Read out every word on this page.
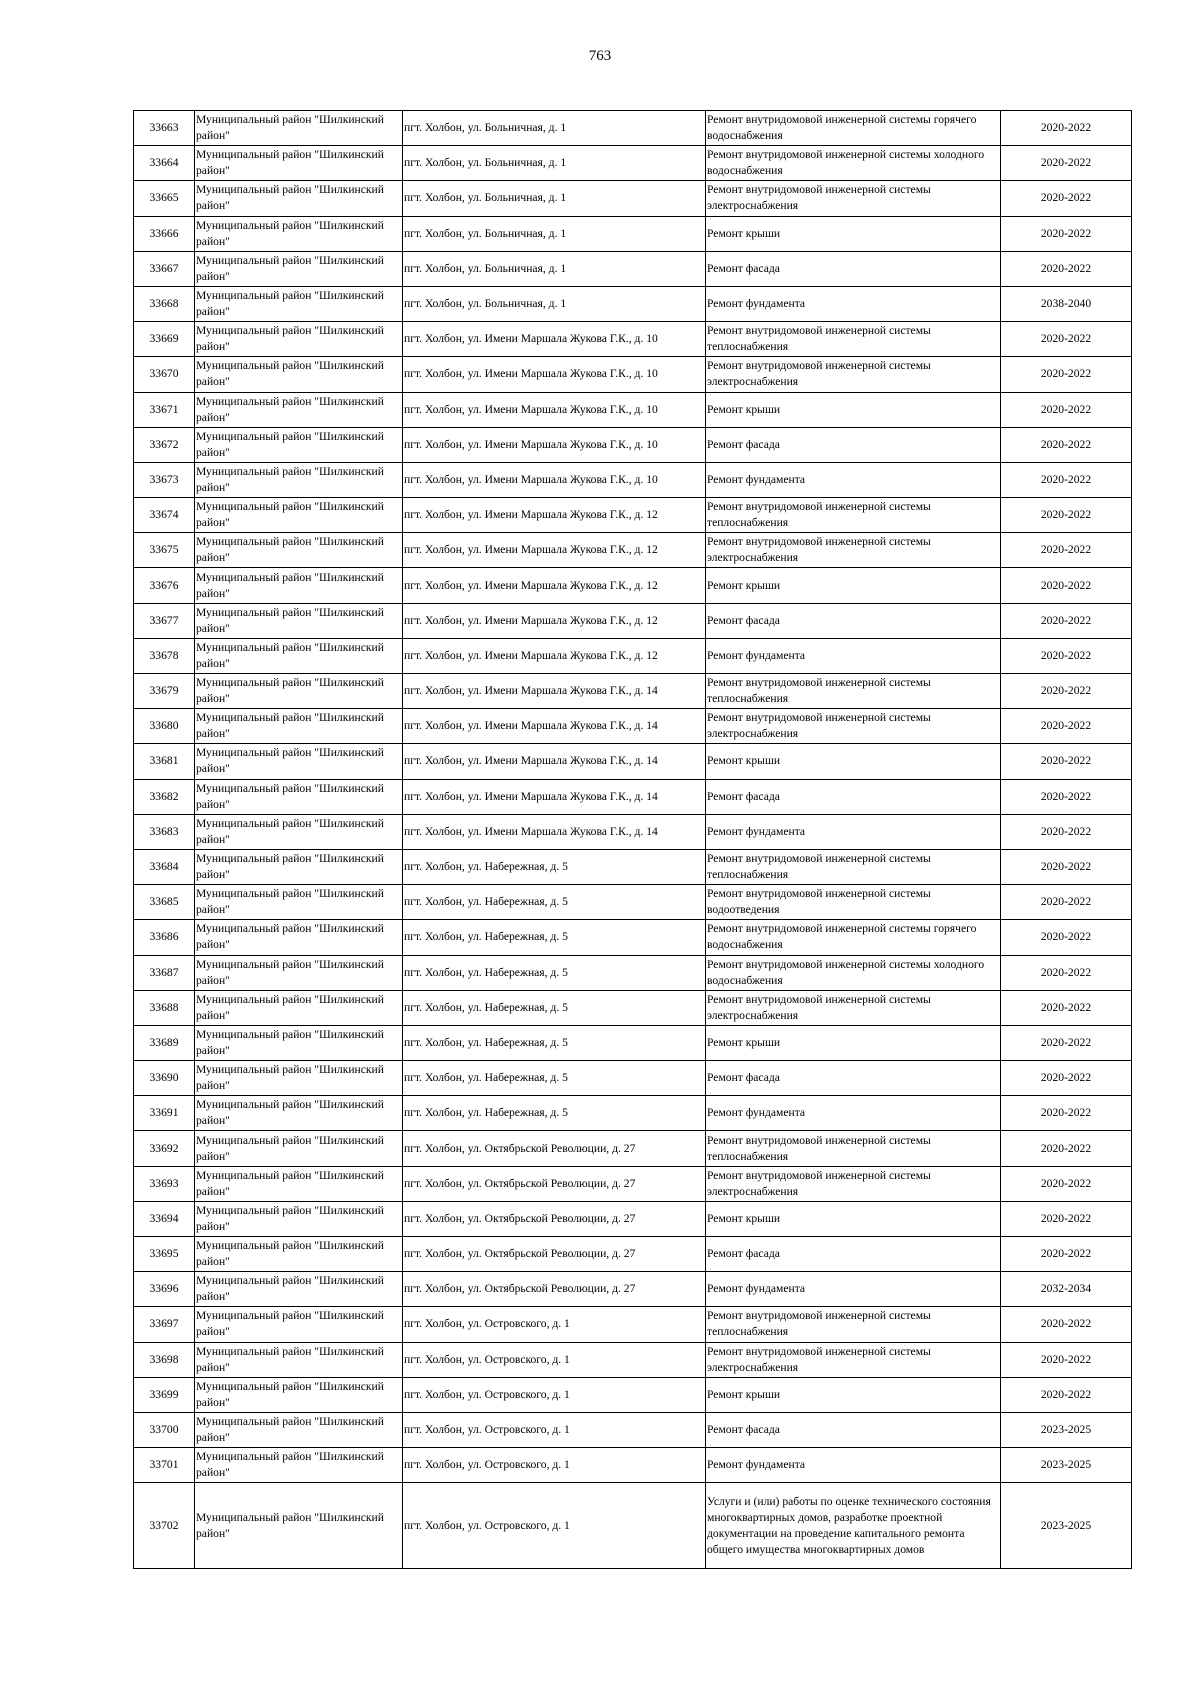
763
33663	Муниципальный район "Шилкинский район"	пгт. Холбон, ул. Больничная, д. 1	Ремонт внутридомовой инженерной системы горячего водоснабжения	2020-2022
33664	Муниципальный район "Шилкинский район"	пгт. Холбон, ул. Больничная, д. 1	Ремонт внутридомовой инженерной системы холодного водоснабжения	2020-2022
33665	Муниципальный район "Шилкинский район"	пгт. Холбон, ул. Больничная, д. 1	Ремонт внутридомовой инженерной системы электроснабжения	2020-2022
33666	Муниципальный район "Шилкинский район"	пгт. Холбон, ул. Больничная, д. 1	Ремонт крыши	2020-2022
33667	Муниципальный район "Шилкинский район"	пгт. Холбон, ул. Больничная, д. 1	Ремонт фасада	2020-2022
33668	Муниципальный район "Шилкинский район"	пгт. Холбон, ул. Больничная, д. 1	Ремонт фундамента	2038-2040
33669	Муниципальный район "Шилкинский район"	пгт. Холбон, ул. Имени Маршала Жукова Г.К., д. 10	Ремонт внутридомовой инженерной системы теплоснабжения	2020-2022
33670	Муниципальный район "Шилкинский район"	пгт. Холбон, ул. Имени Маршала Жукова Г.К., д. 10	Ремонт внутридомовой инженерной системы электроснабжения	2020-2022
33671	Муниципальный район "Шилкинский район"	пгт. Холбон, ул. Имени Маршала Жукова Г.К., д. 10	Ремонт крыши	2020-2022
33672	Муниципальный район "Шилкинский район"	пгт. Холбон, ул. Имени Маршала Жукова Г.К., д. 10	Ремонт фасада	2020-2022
33673	Муниципальный район "Шилкинский район"	пгт. Холбон, ул. Имени Маршала Жукова Г.К., д. 10	Ремонт фундамента	2020-2022
33674	Муниципальный район "Шилкинский район"	пгт. Холбон, ул. Имени Маршала Жукова Г.К., д. 12	Ремонт внутридомовой инженерной системы теплоснабжения	2020-2022
33675	Муниципальный район "Шилкинский район"	пгт. Холбон, ул. Имени Маршала Жукова Г.К., д. 12	Ремонт внутридомовой инженерной системы электроснабжения	2020-2022
33676	Муниципальный район "Шилкинский район"	пгт. Холбон, ул. Имени Маршала Жукова Г.К., д. 12	Ремонт крыши	2020-2022
33677	Муниципальный район "Шилкинский район"	пгт. Холбон, ул. Имени Маршала Жукова Г.К., д. 12	Ремонт фасада	2020-2022
33678	Муниципальный район "Шилкинский район"	пгт. Холбон, ул. Имени Маршала Жукова Г.К., д. 12	Ремонт фундамента	2020-2022
33679	Муниципальный район "Шилкинский район"	пгт. Холбон, ул. Имени Маршала Жукова Г.К., д. 14	Ремонт внутридомовой инженерной системы теплоснабжения	2020-2022
33680	Муниципальный район "Шилкинский район"	пгт. Холбон, ул. Имени Маршала Жукова Г.К., д. 14	Ремонт внутридомовой инженерной системы электроснабжения	2020-2022
33681	Муниципальный район "Шилкинский район"	пгт. Холбон, ул. Имени Маршала Жукова Г.К., д. 14	Ремонт крыши	2020-2022
33682	Муниципальный район "Шилкинский район"	пгт. Холбон, ул. Имени Маршала Жукова Г.К., д. 14	Ремонт фасада	2020-2022
33683	Муниципальный район "Шилкинский район"	пгт. Холбон, ул. Имени Маршала Жукова Г.К., д. 14	Ремонт фундамента	2020-2022
33684	Муниципальный район "Шилкинский район"	пгт. Холбон, ул. Набережная, д. 5	Ремонт внутридомовой инженерной системы теплоснабжения	2020-2022
33685	Муниципальный район "Шилкинский район"	пгт. Холбон, ул. Набережная, д. 5	Ремонт внутридомовой инженерной системы водоотведения	2020-2022
33686	Муниципальный район "Шилкинский район"	пгт. Холбон, ул. Набережная, д. 5	Ремонт внутридомовой инженерной системы горячего водоснабжения	2020-2022
33687	Муниципальный район "Шилкинский район"	пгт. Холбон, ул. Набережная, д. 5	Ремонт внутридомовой инженерной системы холодного водоснабжения	2020-2022
33688	Муниципальный район "Шилкинский район"	пгт. Холбон, ул. Набережная, д. 5	Ремонт внутридомовой инженерной системы электроснабжения	2020-2022
33689	Муниципальный район "Шилкинский район"	пгт. Холбон, ул. Набережная, д. 5	Ремонт крыши	2020-2022
33690	Муниципальный район "Шилкинский район"	пгт. Холбон, ул. Набережная, д. 5	Ремонт фасада	2020-2022
33691	Муниципальный район "Шилкинский район"	пгт. Холбон, ул. Набережная, д. 5	Ремонт фундамента	2020-2022
33692	Муниципальный район "Шилкинский район"	пгт. Холбон, ул. Октябрьской Революции, д. 27	Ремонт внутридомовой инженерной системы теплоснабжения	2020-2022
33693	Муниципальный район "Шилкинский район"	пгт. Холбон, ул. Октябрьской Революции, д. 27	Ремонт внутридомовой инженерной системы электроснабжения	2020-2022
33694	Муниципальный район "Шилкинский район"	пгт. Холбон, ул. Октябрьской Революции, д. 27	Ремонт крыши	2020-2022
33695	Муниципальный район "Шилкинский район"	пгт. Холбон, ул. Октябрьской Революции, д. 27	Ремонт фасада	2020-2022
33696	Муниципальный район "Шилкинский район"	пгт. Холбон, ул. Октябрьской Революции, д. 27	Ремонт фундамента	2032-2034
33697	Муниципальный район "Шилкинский район"	пгт. Холбон, ул. Островского, д. 1	Ремонт внутридомовой инженерной системы теплоснабжения	2020-2022
33698	Муниципальный район "Шилкинский район"	пгт. Холбон, ул. Островского, д. 1	Ремонт внутридомовой инженерной системы электроснабжения	2020-2022
33699	Муниципальный район "Шилкинский район"	пгт. Холбон, ул. Островского, д. 1	Ремонт крыши	2020-2022
33700	Муниципальный район "Шилкинский район"	пгт. Холбон, ул. Островского, д. 1	Ремонт фасада	2023-2025
33701	Муниципальный район "Шилкинский район"	пгт. Холбон, ул. Островского, д. 1	Ремонт фундамента	2023-2025
33702	Муниципальный район "Шилкинский район"	пгт. Холбон, ул. Островского, д. 1	Услуги и (или) работы по оценке технического состояния многоквартирных домов, разработке проектной документации на проведение капитального ремонта общего имущества многоквартирных домов	2023-2025
